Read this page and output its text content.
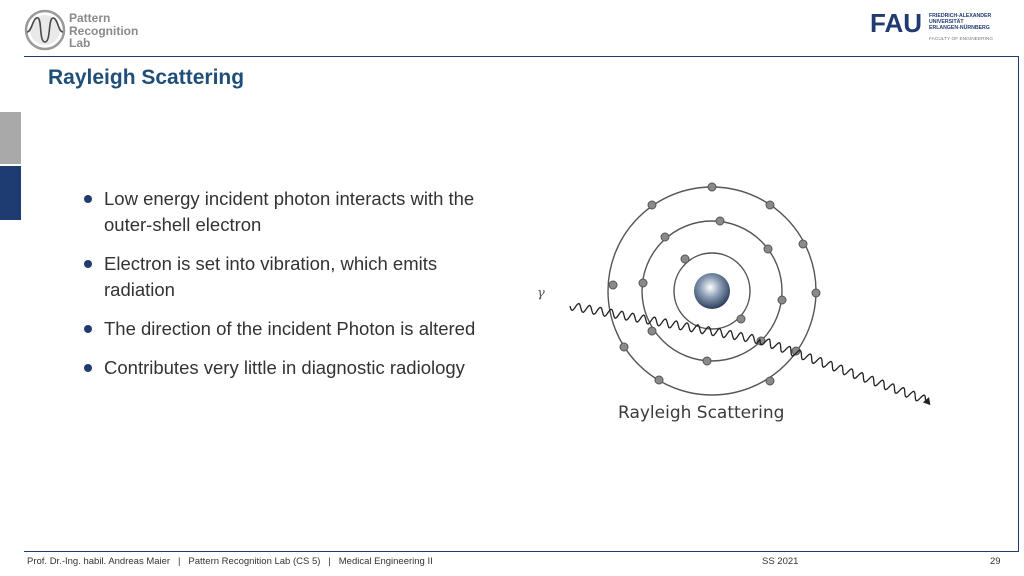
Pattern
Recognition
Lab
FAU FRIEDRICH-ALEXANDER
UNIVERSITÄT
ERLANGEN-NÜRNBERG
FACULTY OF ENGINEERING
Rayleigh Scattering
Low energy incident photon interacts with the outer-shell electron
Electron is set into vibration, which emits radiation
The direction of the incident Photon is altered
Contributes very little in diagnostic radiology
γ
Rayleigh Scattering
Prof. Dr.-Ing. habil. Andreas Maier | Pattern Recognition Lab (CS 5) | Medical Engineering II	SS 2021	29
